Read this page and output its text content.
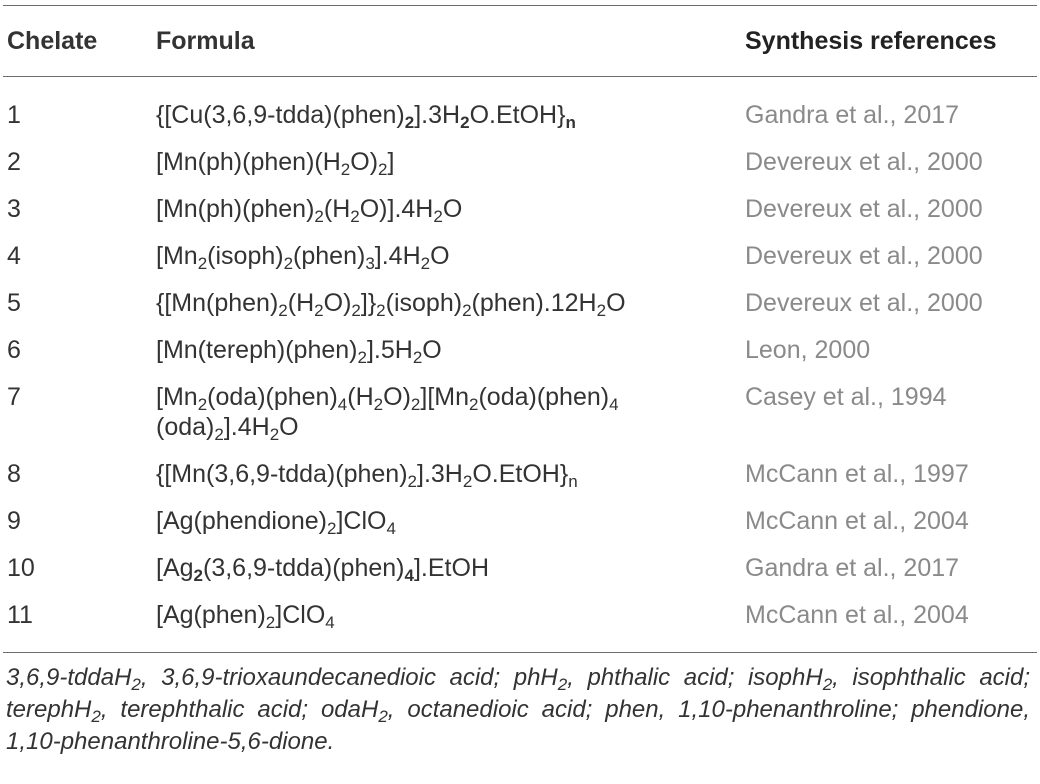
Chelate	Formula	Synthesis references

1	$\{[Cu(3,6,9-tdda)(phen)_2].3H_2O.EtOH\}_n$	Gandra et al., 2017
2	$[Mn(ph)(phen)(H_2O)_2]$	Devereux et al., 2000
3	$[Mn(ph)(phen)_2(H_2O)].4H_2O$	Devereux et al., 2000
4	$[Mn_2(isoph)_2(phen)_3].4H_2O$	Devereux et al., 2000
5	$\{[Mn(phen)_2(H_2O)_2]\}_2(isoph)_2(phen).12H_2O$	Devereux et al., 2000
6	$[Mn(tereph)(phen)_2].5H_2O$	Leon, 2000
7	$[Mn_2(oda)(phen)_4(H_2O)_2][Mn_2(oda)(phen)_4$
$(oda)_2].4H_2O$	Casey et al., 1994
8	$\{[Mn(3,6,9-tdda)(phen)_2].3H_2O.EtOH\}_n$	McCann et al., 1997
9	$[Ag(phendione)_2]ClO_4$	McCann et al., 2004
10	$[Ag_2(3,6,9-tdda)(phen)_4].EtOH$	Gandra et al., 2017
11	$[Ag(phen)_2]ClO_4$	McCann et al., 2004

3,6,9-tddaH$_2$, 3,6,9-trioxaundecanedioic acid; phH$_2$, phthalic acid; isophH$_2$, isophthalic acid; terephH$_2$, terephthalic acid; odaH$_2$, octanedioic acid; phen, 1,10-phenanthroline; phendione, 1,10-phenanthroline-5,6-dione.
